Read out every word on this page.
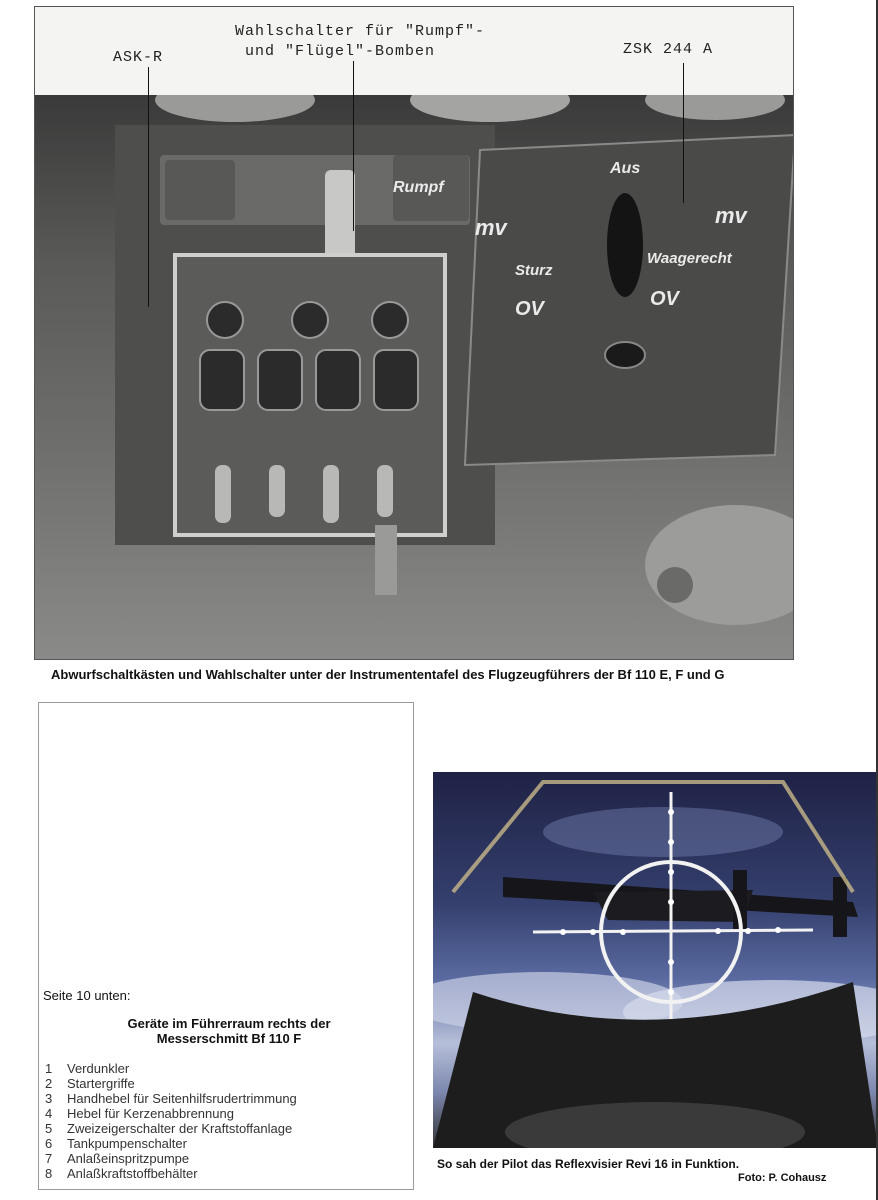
ASK-R
Wahlschalter für "Rumpf"-
und "Flügel"-Bomben	ZSK 244 A
Aus
mv	mv
Sturz
Waagerecht
OV	OV
Rumpf
Abwurfschaltkästen und Wahlschalter unter der Instrumententafel des Flugzeugführers der Bf 110 E, F und G
Seite 10 unten:
Geräte im Führerraum rechts der
Messerschmitt Bf 110 F
1	Verdunkler
2	Startergriffe
3	Handhebel für Seitenhilfsrudertrimmung
4	Hebel für Kerzenabbrennung
5	Zweizeigerschalter der Kraftstoffanlage
6	Tankpumpenschalter
7	Anlaßeinspritzpumpe
8	Anlaßkraftstoffbehälter
So sah der Pilot das Reflexvisier Revi 16 in Funktion.
Foto: P. Cohausz
